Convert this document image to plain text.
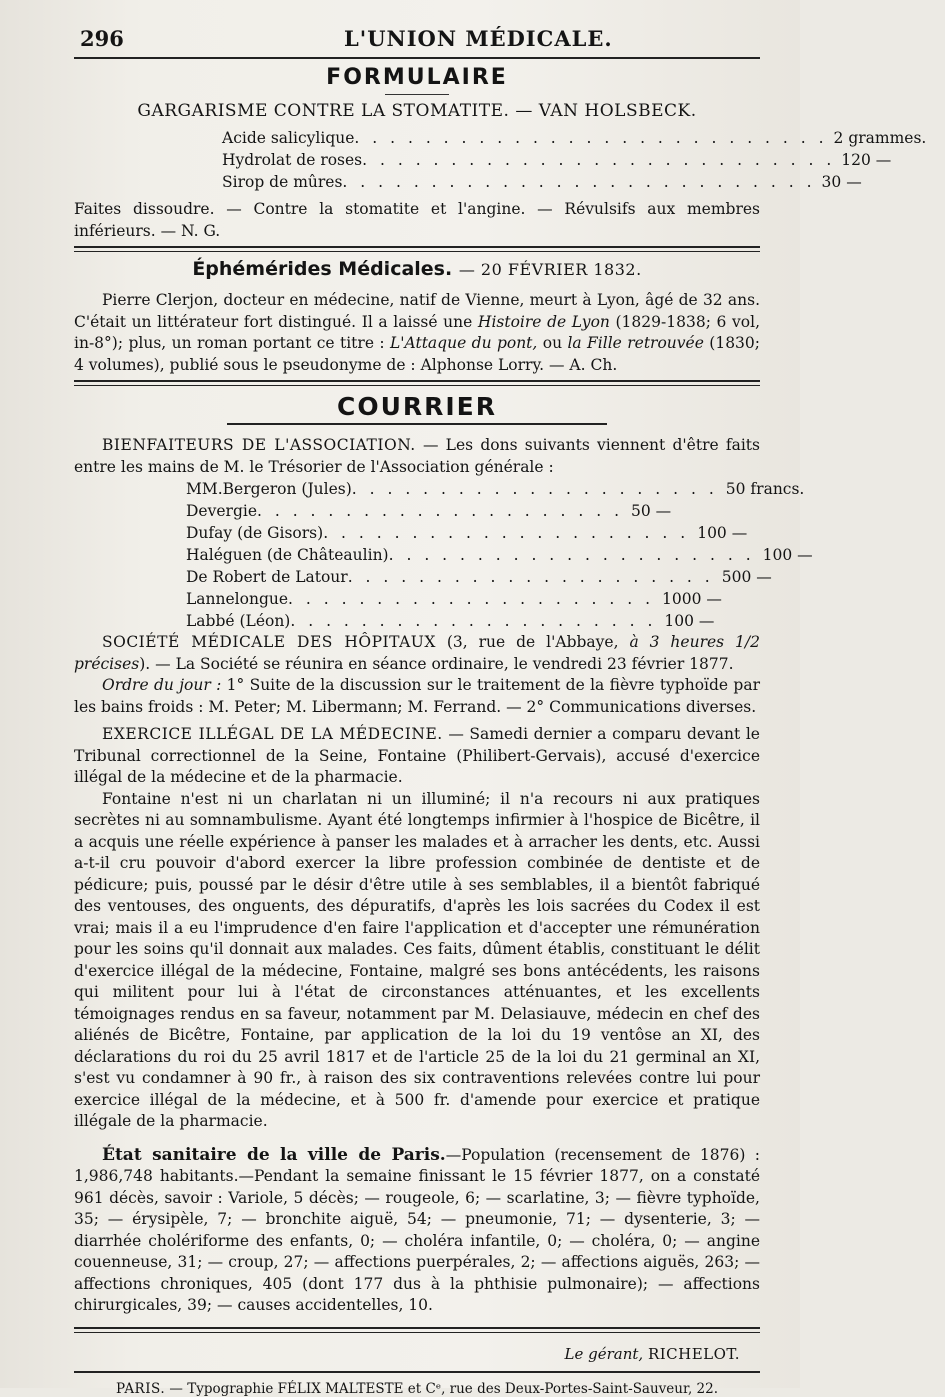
296	L'UNION MÉDICALE.
FORMULAIRE
GARGARISME CONTRE LA STOMATITE. — VAN HOLSBECK.
Acide salicylique . . . . . . . . . . . . . . . . . . . . . . . . . . . 2 grammes.
Hydrolat de roses . . . . . . . . . . . . . . . . . . . . . . . . . . . 120 —
Sirop de mûres . . . . . . . . . . . . . . . . . . . . . . . . . . . 30 —

Faites dissoudre. — Contre la stomatite et l'angine. — Révulsifs aux membres inférieurs. — N. G.

Éphémérides Médicales. — 20 FÉVRIER 1832.

Pierre Clerjon, docteur en médecine, natif de Vienne, meurt à Lyon, âgé de 32 ans. C'était un littérateur fort distingué. Il a laissé une Histoire de Lyon (1829-1838; 6 vol, in-8°); plus, un roman portant ce titre : L'Attaque du pont, ou la Fille retrouvée (1830; 4 volumes), publié sous le pseudonyme de : Alphonse Lorry. — A. Ch.

COURRIER

BIENFAITEURS DE L'ASSOCIATION. — Les dons suivants viennent d'être faits entre les mains de M. le Trésorier de l'Association générale :

MM. Bergeron (Jules) . . . . . . . . . . . . . . . . . . . . . 50 francs.
Devergie . . . . . . . . . . . . . . . . . . . . . 50 —
Dufay (de Gisors) . . . . . . . . . . . . . . . . . . . . . 100 —
Haléguen (de Châteaulin) . . . . . . . . . . . . . . . . . . . . . 100 —
De Robert de Latour . . . . . . . . . . . . . . . . . . . . . 500 —
Lannelongue . . . . . . . . . . . . . . . . . . . . . 1000 —
Labbé (Léon) . . . . . . . . . . . . . . . . . . . . . 100 —

SOCIÉTÉ MÉDICALE DES HÔPITAUX (3, rue de l'Abbaye, à 3 heures 1/2 précises). — La Société se réunira en séance ordinaire, le vendredi 23 février 1877.

Ordre du jour : 1° Suite de la discussion sur le traitement de la fièvre typhoïde par les bains froids : M. Peter; M. Libermann; M. Ferrand. — 2° Communications diverses.

EXERCICE ILLÉGAL DE LA MÉDECINE. — Samedi dernier a comparu devant le Tribunal correctionnel de la Seine, Fontaine (Philibert-Gervais), accusé d'exercice illégal de la médecine et de la pharmacie.

Fontaine n'est ni un charlatan ni un illuminé; il n'a recours ni aux pratiques secrètes ni au somnambulisme. Ayant été longtemps infirmier à l'hospice de Bicêtre, il a acquis une réelle expérience à panser les malades et à arracher les dents, etc. Aussi a-t-il cru pouvoir d'abord exercer la libre profession combinée de dentiste et de pédicure; puis, poussé par le désir d'être utile à ses semblables, il a bientôt fabriqué des ventouses, des onguents, des dépuratifs, d'après les lois sacrées du Codex il est vrai; mais il a eu l'imprudence d'en faire l'application et d'accepter une rémunération pour les soins qu'il donnait aux malades. Ces faits, dûment établis, constituant le délit d'exercice illégal de la médecine, Fontaine, malgré ses bons antécédents, les raisons qui militent pour lui à l'état de circonstances atténuantes, et les excellents témoignages rendus en sa faveur, notamment par M. Delasiauve, médecin en chef des aliénés de Bicêtre, Fontaine, par application de la loi du 19 ventôse an XI, des déclarations du roi du 25 avril 1817 et de l'article 25 de la loi du 21 germinal an XI, s'est vu condamner à 90 fr., à raison des six contraventions relevées contre lui pour exercice illégal de la médecine, et à 500 fr. d'amende pour exercice et pratique illégale de la pharmacie.

État sanitaire de la ville de Paris.—Population (recensement de 1876) : 1,986,748 habitants.—Pendant la semaine finissant le 15 février 1877, on a constaté 961 décès, savoir : Variole, 5 décès; — rougeole, 6; — scarlatine, 3; — fièvre typhoïde, 35; — érysipèle, 7; — bronchite aiguë, 54; — pneumonie, 71; — dysenterie, 3; — diarrhée cholériforme des enfants, 0; — choléra infantile, 0; — choléra, 0; — angine couenneuse, 31; — croup, 27; — affections puerpérales, 2; — affections aiguës, 263; — affections chroniques, 405 (dont 177 dus à la phthisie pulmonaire); — affections chirurgicales, 39; — causes accidentelles, 10.

Le gérant, RICHELOT.
PARIS. — Typographie FÉLIX MALTESTE et Cᵉ, rue des Deux-Portes-Saint-Sauveur, 22.
